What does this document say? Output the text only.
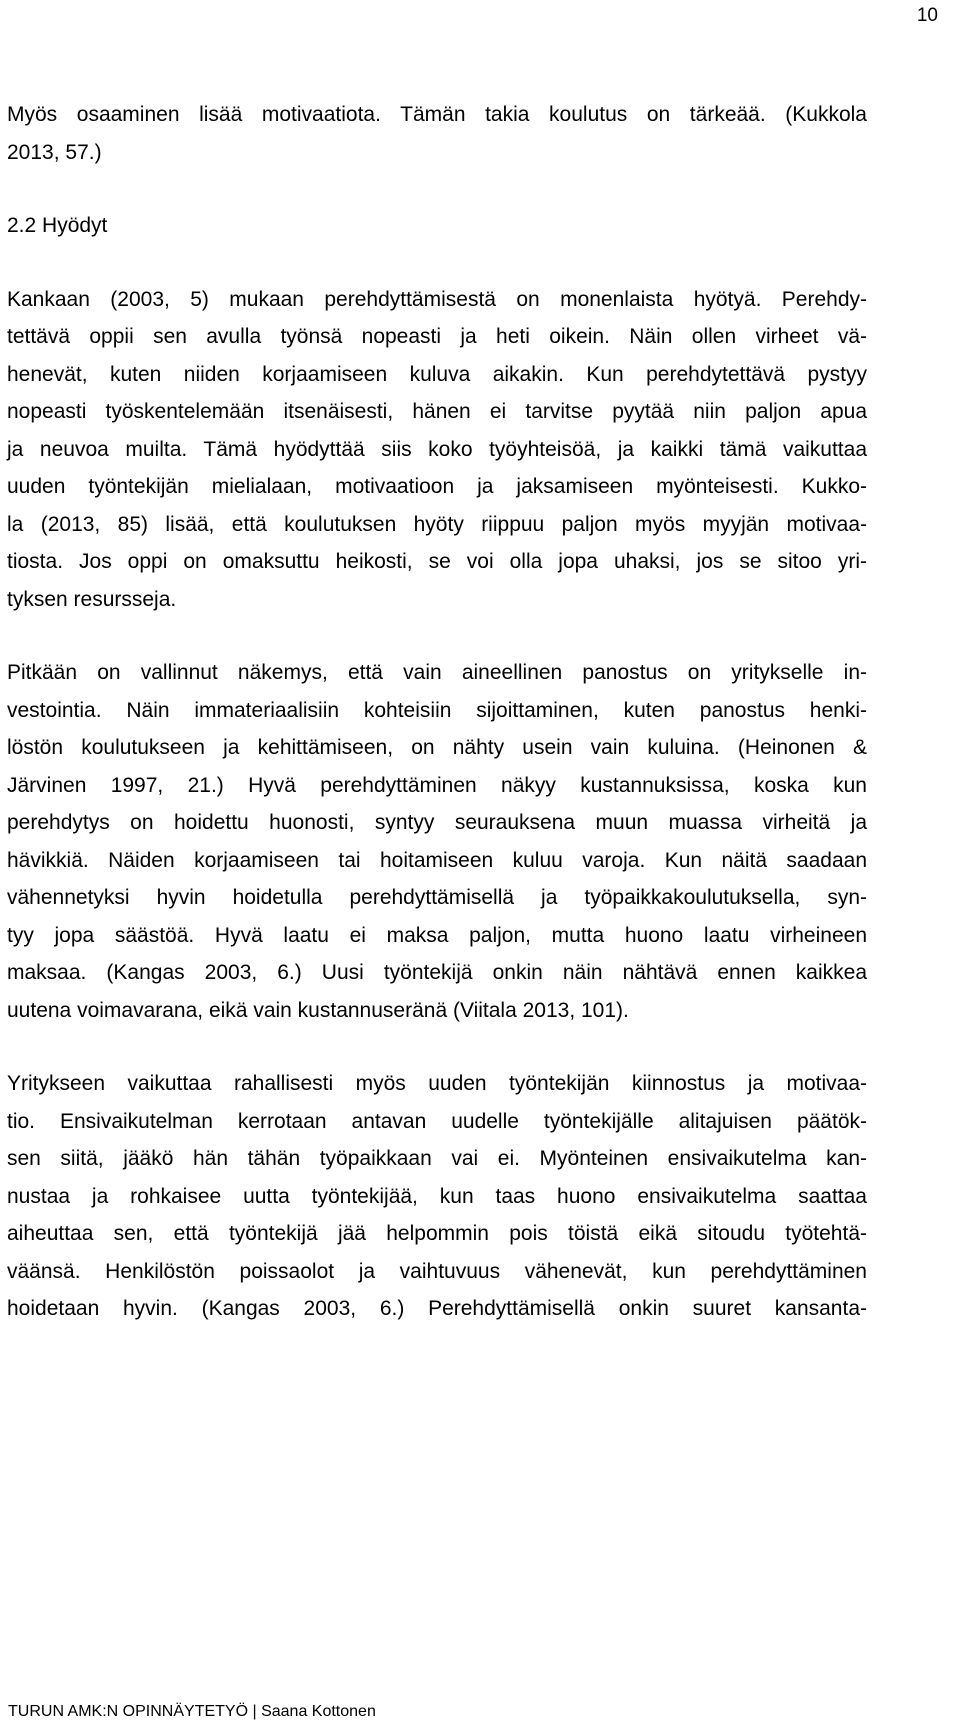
10

Myös osaaminen lisää motivaatiota. Tämän takia koulutus on tärkeää. (Kukkola
2013, 57.)

2.2 Hyödyt

Kankaan (2003, 5) mukaan perehdyttämisestä on monenlaista hyötyä. Perehdy-
tettävä oppii sen avulla työnsä nopeasti ja heti oikein. Näin ollen virheet vä-
henevät, kuten niiden korjaamiseen kuluva aikakin. Kun perehdytettävä pystyy
nopeasti työskentelemään itsenäisesti, hänen ei tarvitse pyytää niin paljon apua
ja neuvoa muilta. Tämä hyödyttää siis koko työyhteisöä, ja kaikki tämä vaikuttaa
uuden työntekijän mielialaan, motivaatioon ja jaksamiseen myönteisesti. Kukko-
la (2013, 85) lisää, että koulutuksen hyöty riippuu paljon myös myyjän motivaa-
tiosta. Jos oppi on omaksuttu heikosti, se voi olla jopa uhaksi, jos se sitoo yri-
tyksen resursseja.

Pitkään on vallinnut näkemys, että vain aineellinen panostus on yritykselle in-
vestointia. Näin immateriaalisiin kohteisiin sijoittaminen, kuten panostus henki-
löstön koulutukseen ja kehittämiseen, on nähty usein vain kuluina. (Heinonen &
Järvinen 1997, 21.) Hyvä perehdyttäminen näkyy kustannuksissa, koska kun
perehdytys on hoidettu huonosti, syntyy seurauksena muun muassa virheitä ja
hävikkiä. Näiden korjaamiseen tai hoitamiseen kuluu varoja. Kun näitä saadaan
vähennetyksi hyvin hoidetulla perehdyttämisellä ja työpaikkakoulutuksella, syn-
tyy jopa säästöä. Hyvä laatu ei maksa paljon, mutta huono laatu virheineen
maksaa. (Kangas 2003, 6.) Uusi työntekijä onkin näin nähtävä ennen kaikkea
uutena voimavarana, eikä vain kustannuseränä (Viitala 2013, 101).

Yritykseen vaikuttaa rahallisesti myös uuden työntekijän kiinnostus ja motivaa-
tio. Ensivaikutelman kerrotaan antavan uudelle työntekijälle alitajuisen päätök-
sen siitä, jääkö hän tähän työpaikkaan vai ei. Myönteinen ensivaikutelma kan-
nustaa ja rohkaisee uutta työntekijää, kun taas huono ensivaikutelma saattaa
aiheuttaa sen, että työntekijä jää helpommin pois töistä eikä sitoudu työtehtä-
väänsä. Henkilöstön poissaolot ja vaihtuvuus vähenevät, kun perehdyttäminen
hoidetaan hyvin. (Kangas 2003, 6.) Perehdyttämisellä onkin suuret kansanta-

TURUN AMK:N OPINNÄYTETYÖ | Saana Kottonen
